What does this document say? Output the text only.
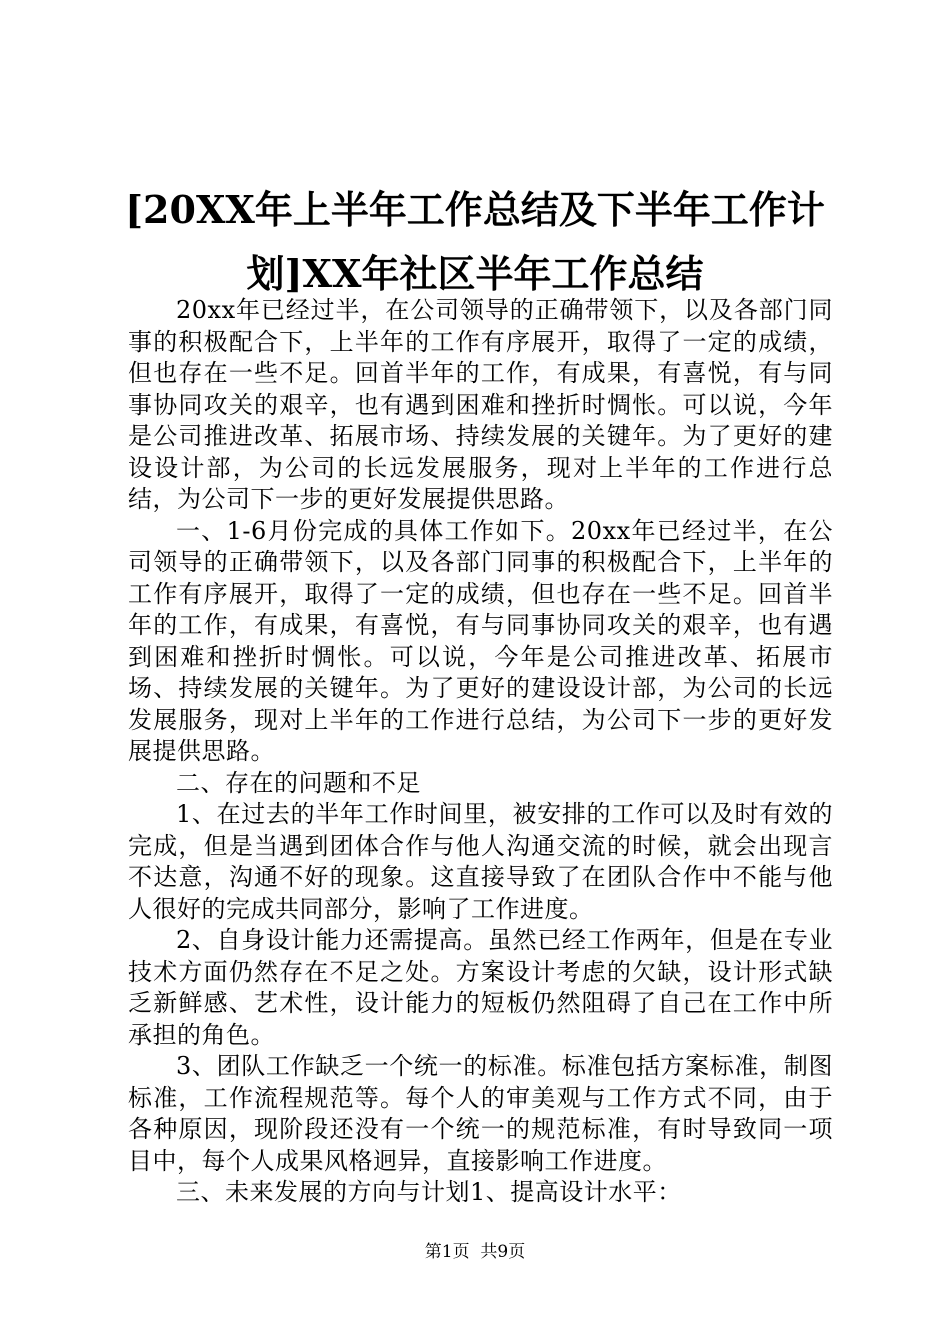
[20XX年上半年工作总结及下半年工作计
划]XX年社区半年工作总结

20xx年已经过半，在公司领导的正确带领下，以及各部门同事的积极配合下，上半年的工作有序展开，取得了一定的成绩，但也存在一些不足。回首半年的工作，有成果，有喜悦，有与同事协同攻关的艰辛，也有遇到困难和挫折时惆怅。可以说，今年是公司推进改革、拓展市场、持续发展的关键年。为了更好的建设设计部，为公司的长远发展服务，现对上半年的工作进行总结，为公司下一步的更好发展提供思路。

一、1-6月份完成的具体工作如下。20xx年已经过半，在公司领导的正确带领下，以及各部门同事的积极配合下，上半年的工作有序展开，取得了一定的成绩，但也存在一些不足。回首半年的工作，有成果，有喜悦，有与同事协同攻关的艰辛，也有遇到困难和挫折时惆怅。可以说，今年是公司推进改革、拓展市场、持续发展的关键年。为了更好的建设设计部，为公司的长远发展服务，现对上半年的工作进行总结，为公司下一步的更好发展提供思路。

二、存在的问题和不足

1、在过去的半年工作时间里，被安排的工作可以及时有效的完成，但是当遇到团体合作与他人沟通交流的时候，就会出现言不达意，沟通不好的现象。这直接导致了在团队合作中不能与他人很好的完成共同部分，影响了工作进度。

2、自身设计能力还需提高。虽然已经工作两年，但是在专业技术方面仍然存在不足之处。方案设计考虑的欠缺，设计形式缺乏新鲜感、艺术性，设计能力的短板仍然阻碍了自己在工作中所承担的角色。

3、团队工作缺乏一个统一的标准。标准包括方案标准，制图标准，工作流程规范等。每个人的审美观与工作方式不同，由于各种原因，现阶段还没有一个统一的规范标准，有时导致同一项目中，每个人成果风格迥异，直接影响工作进度。

三、未来发展的方向与计划1、提高设计水平：

第1页 共9页
